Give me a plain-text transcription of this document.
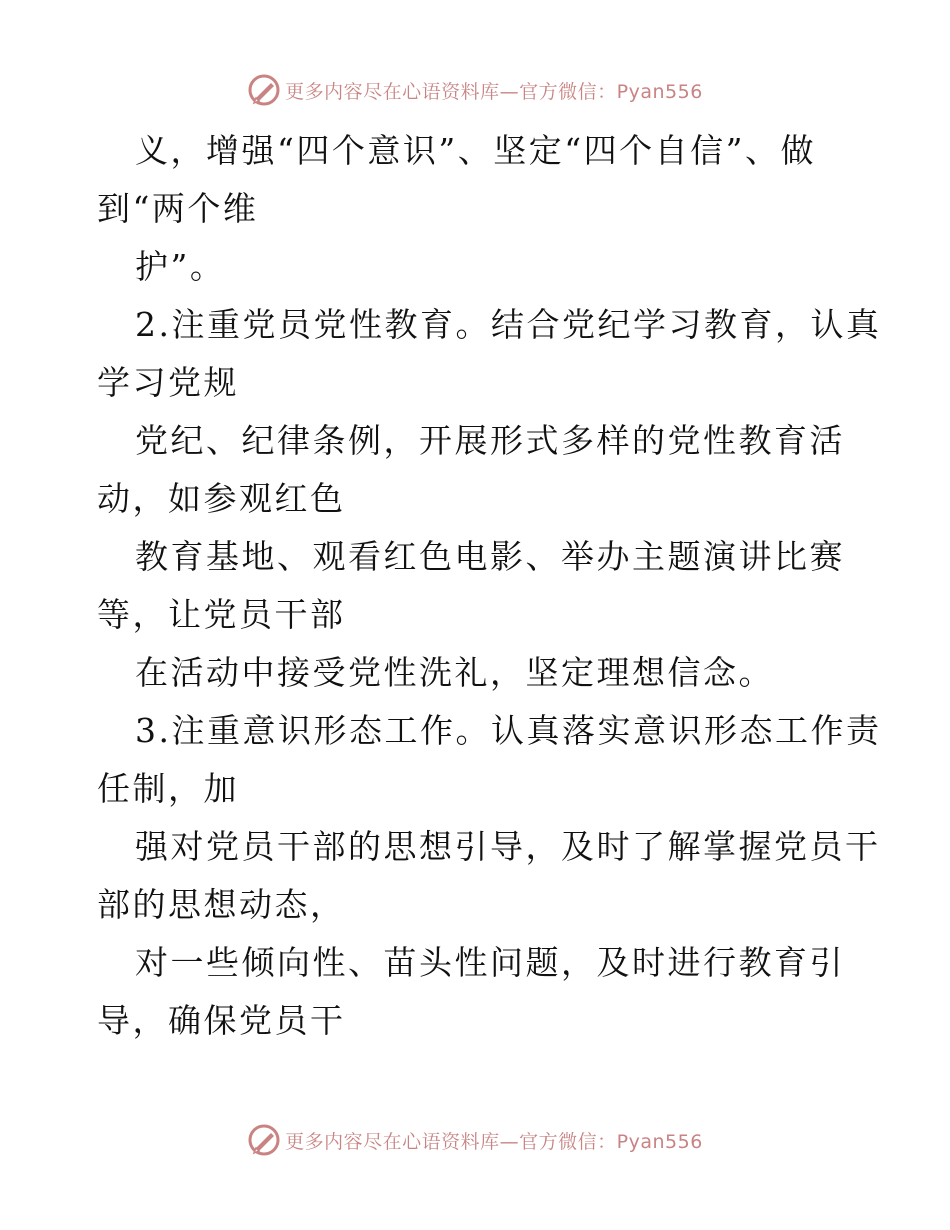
更多内容尽在心语资料库—官方微信：Pyan556
义，增强“四个意识”、坚定“四个自信”、做
到“两个维
护”。
2.注重党员党性教育。结合党纪学习教育，认真
学习党规
党纪、纪律条例，开展形式多样的党性教育活
动，如参观红色
教育基地、观看红色电影、举办主题演讲比赛
等，让党员干部
在活动中接受党性洗礼，坚定理想信念。
3.注重意识形态工作。认真落实意识形态工作责
任制，加
强对党员干部的思想引导，及时了解掌握党员干
部的思想动态，
对一些倾向性、苗头性问题，及时进行教育引
导，确保党员干
更多内容尽在心语资料库—官方微信：Pyan556
